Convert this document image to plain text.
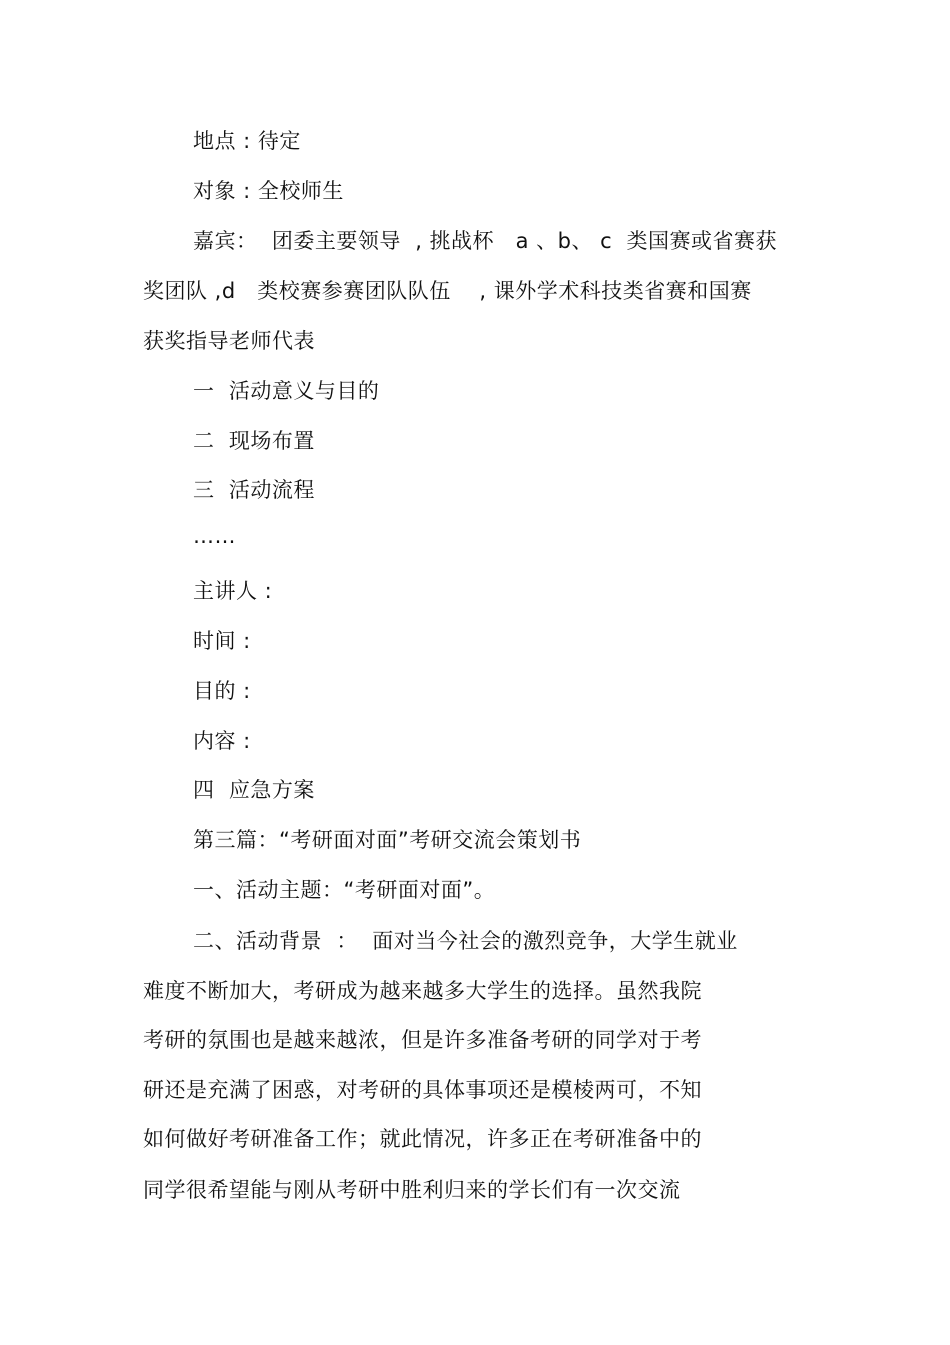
地点 : 待定
对象 : 全校师生
嘉宾：  团委主要领导  , 挑战杯   a 、b、 c  类国赛或省赛获
奖团队 ,d   类校赛参赛团队队伍    , 课外学术科技类省赛和国赛
获奖指导老师代表
一  活动意义与目的
二  现场布置
三  活动流程
……
主讲人 :
时间 :
目的 :
内容 :
四  应急方案
第三篇：“考研面对面”考研交流会策划书
一、活动主题：“考研面对面”。
二、活动背景  ：  面对当今社会的激烈竞争，大学生就业
难度不断加大，考研成为越来越多大学生的选择。虽然我院
考研的氛围也是越来越浓，但是许多准备考研的同学对于考
研还是充满了困惑，对考研的具体事项还是模棱两可，不知
如何做好考研准备工作；就此情况，许多正在考研准备中的
同学很希望能与刚从考研中胜利归来的学长们有一次交流
